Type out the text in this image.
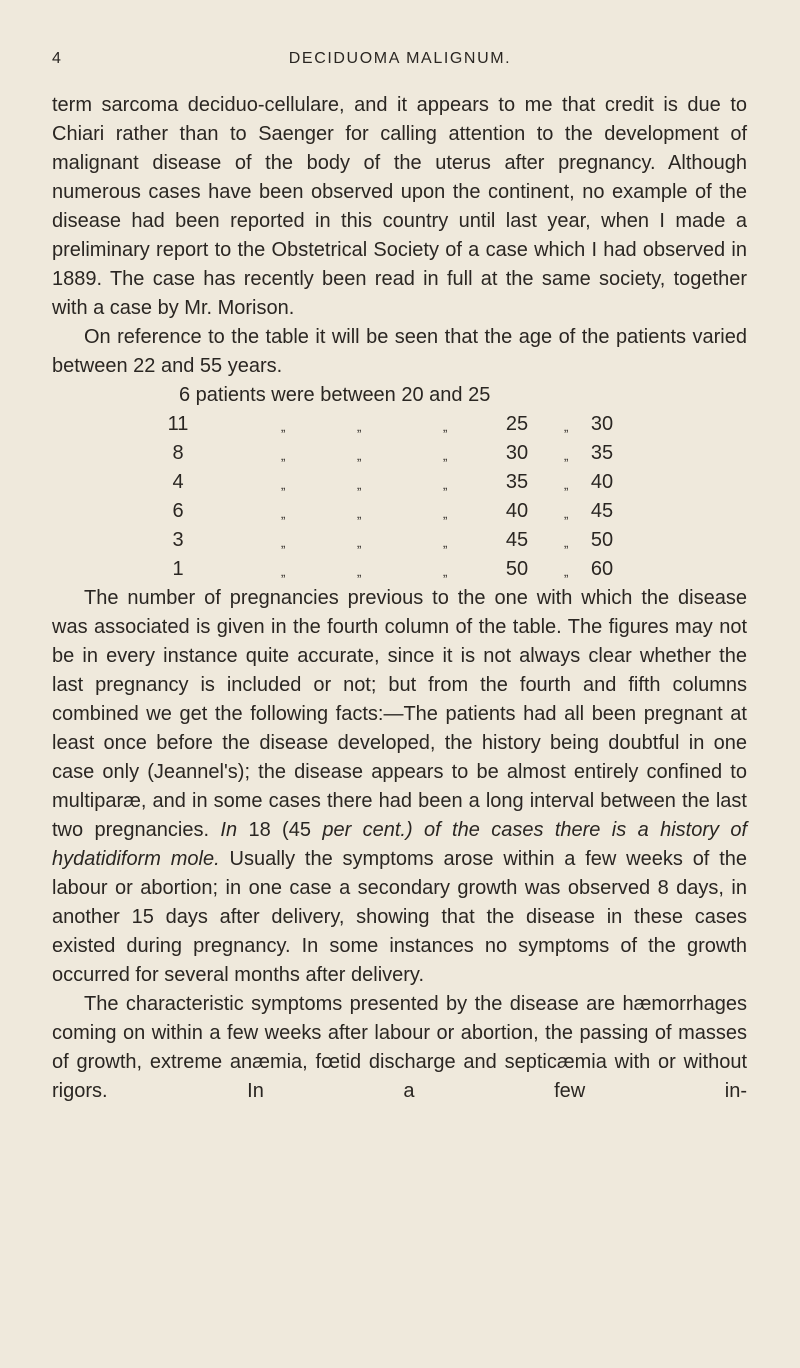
4	DECIDUOMA MALIGNUM.

term sarcoma deciduo-cellulare, and it appears to me that credit is due to Chiari rather than to Saenger for calling attention to the development of malignant disease of the body of the uterus after pregnancy. Although numerous cases have been observed upon the continent, no example of the disease had been reported in this country until last year, when I made a preliminary report to the Obstetrical Society of a case which I had observed in 1889. The case has recently been read in full at the same society, together with a case by Mr. Morison.

On reference to the table it will be seen that the age of the patients varied between 22 and 55 years.

6 patients were between 20 and 25
11	„	„	„	25	„ 30
8	„	„	„	30	„ 35
4	„	„	„	35	„ 40
6	„	„	„	40	„ 45
3	„	„	„	45	„ 50
1	„	„	„	50	„ 60

The number of pregnancies previous to the one with which the disease was associated is given in the fourth column of the table. The figures may not be in every instance quite accurate, since it is not always clear whether the last pregnancy is included or not; but from the fourth and fifth columns combined we get the following facts:—The patients had all been pregnant at least once before the disease developed, the history being doubtful in one case only (Jeannel's); the disease appears to be almost entirely confined to multiparæ, and in some cases there had been a long interval between the last two pregnancies. In 18 (45 per cent.) of the cases there is a history of hydatidiform mole. Usually the symptoms arose within a few weeks of the labour or abortion; in one case a secondary growth was observed 8 days, in another 15 days after delivery, showing that the disease in these cases existed during pregnancy. In some instances no symptoms of the growth occurred for several months after delivery.

The characteristic symptoms presented by the disease are hæmorrhages coming on within a few weeks after labour or abortion, the passing of masses of growth, extreme anæmia, fœtid discharge and septicæmia with or without rigors. In a few in-
